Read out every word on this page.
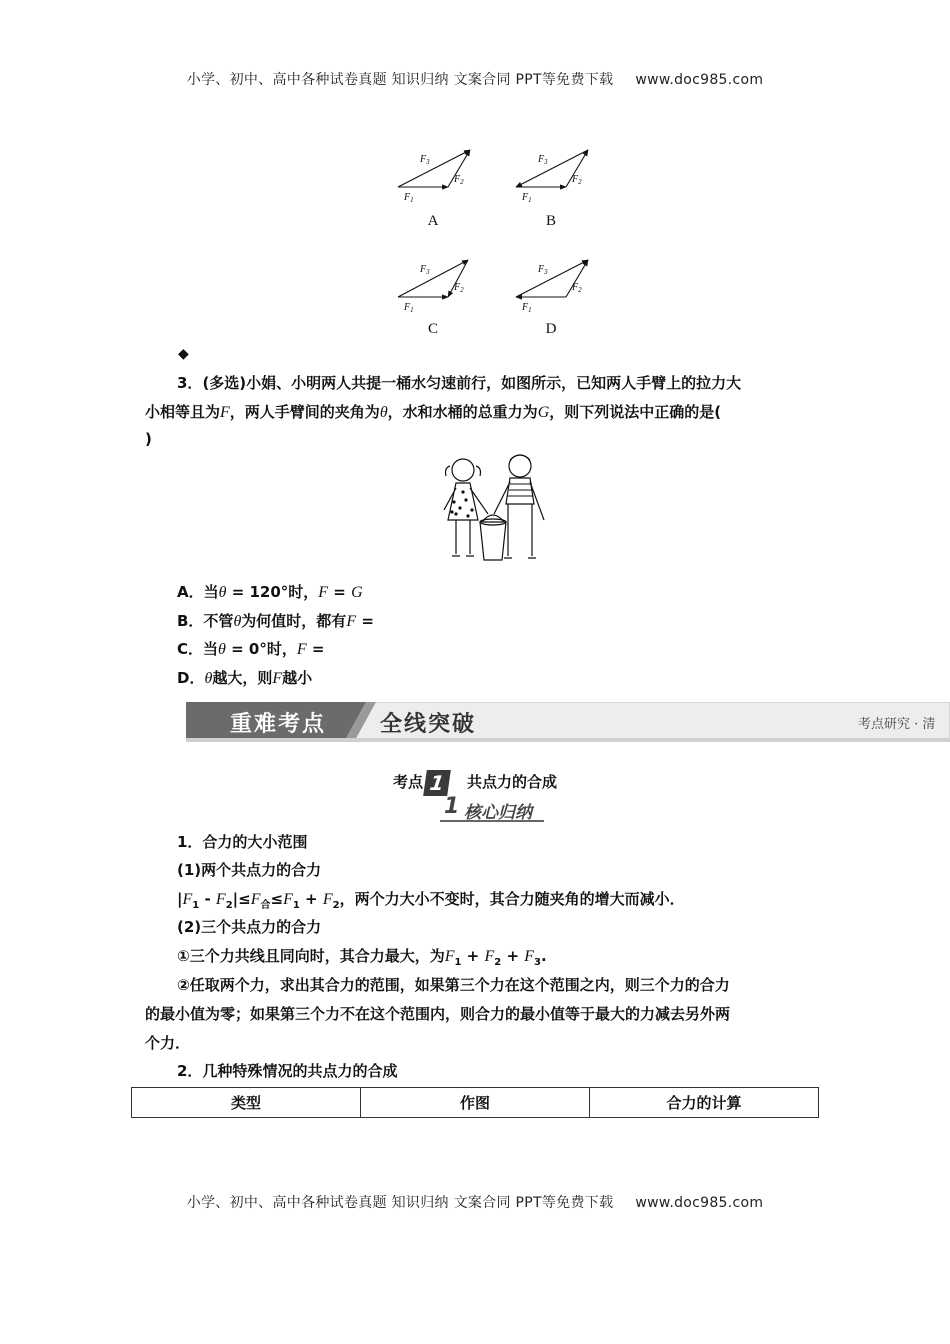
小学、初中、高中各种试卷真题 知识归纳 文案合同 PPT等免费下载 www.doc985.com
$F_3$
$F_2$
$F_1$
$F_3$
$F_2$
$F_1$
$F_3$
$F_2$
$F_1$
$F_3$
$F_2$
$F_1$
A	B
C	D
◆
3．(多选)小娟、小明两人共提一桶水匀速前行，如图所示，已知两人手臂上的拉力大
小相等且为F，两人手臂间的夹角为θ，水和水桶的总重力为G，则下列说法中正确的是(
)
A．当θ = 120°时，F = G
B．不管θ为何值时，都有F =
C．当θ = 0°时，F =
D．θ越大，则F越小
重难考点 全线突破	考点研究 · 清
考点 1 共点力的合成
1 核心归纳
1．合力的大小范围
(1)两个共点力的合力
$|F_1 - F_2|\le F_合\le F_1 + F_2$，两个力大小不变时，其合力随夹角的增大而减小．
(2)三个共点力的合力
①三个力共线且同向时，其合力最大，为$F_1 + F_2 + F_3$.
②任取两个力，求出其合力的范围，如果第三个力在这个范围之内，则三个力的合力
的最小值为零；如果第三个力不在这个范围内，则合力的最小值等于最大的力减去另外两
个力．
2．几种特殊情况的共点力的合成
类型	作图	合力的计算
小学、初中、高中各种试卷真题 知识归纳 文案合同 PPT等免费下载 www.doc985.com
